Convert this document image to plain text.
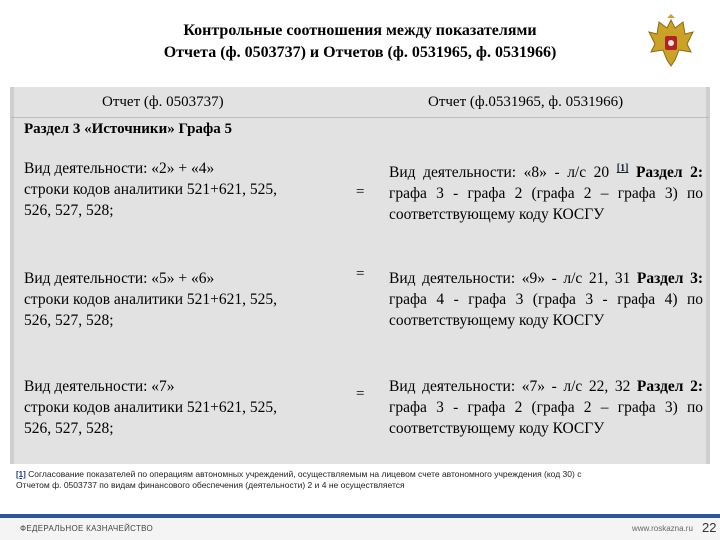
Контрольные соотношения между показателями
Отчета (ф. 0503737) и Отчетов (ф. 0531965, ф. 0531966)
Отчет (ф. 0503737)	Отчет (ф.0531965, ф. 0531966)
Раздел 3 «Источники» Графа 5
Вид деятельности: «2» + «4»
строки кодов аналитики 521+621, 525,
526, 527, 528;
=
Вид деятельности: «8» - л/с 20 [1] Раздел 2: графа 3 - графа 2 (графа 2 – графа 3) по соответствующему коду КОСГУ
Вид деятельности: «5» + «6»
строки кодов аналитики 521+621, 525,
526, 527, 528;
= Вид деятельности: «9» - л/с 21, 31 Раздел 3: графа 4 - графа 3 (графа 3 - графа 4) по соответствующему коду КОСГУ
Вид деятельности: «7»
строки кодов аналитики 521+621, 525,
526, 527, 528;
= Вид деятельности: «7» - л/с 22, 32 Раздел 2: графа 3 - графа 2 (графа 2 – графа 3) по соответствующему коду КОСГУ
[1] Согласование показателей по операциям автономных учреждений, осуществляемым на лицевом счете автономного учреждения (код 30) с
Отчетом ф. 0503737 по видам финансового обеспечения (деятельности) 2 и 4 не осуществляется
ФЕДЕРАЛЬНОЕ КАЗНАЧЕЙСТВО	www.roskazna.ru 22
